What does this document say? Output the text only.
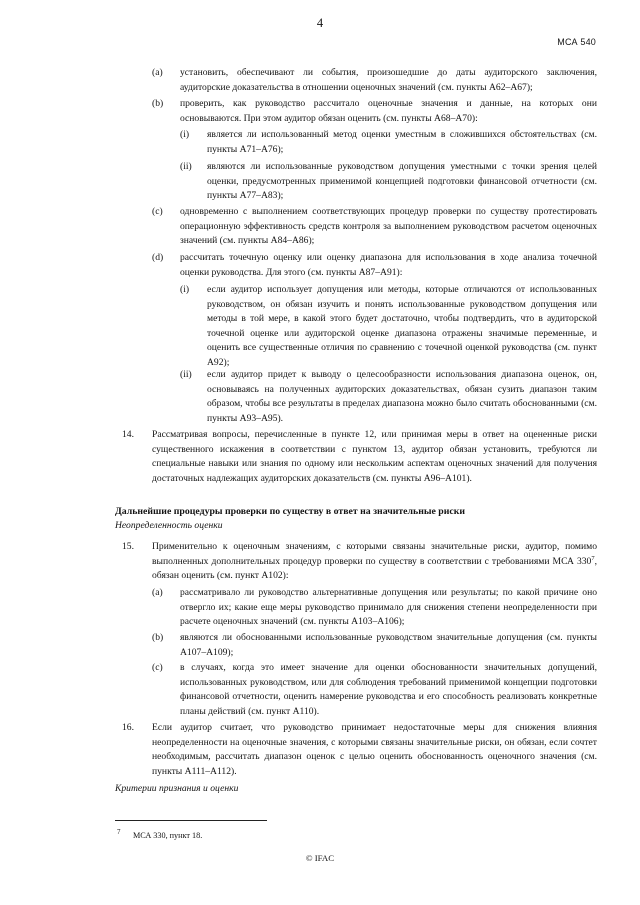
4
МСА 540
(a) установить, обеспечивают ли события, произошедшие до даты аудиторского заключения, аудиторские доказательства в отношении оценочных значений (см. пункты A62–A67);

(b) проверить, как руководство рассчитало оценочные значения и данные, на которых они основываются. При этом аудитор обязан оценить (см. пункты A68–A70):

(i) является ли использованный метод оценки уместным в сложившихся обстоятельствах (см. пункты A71–A76);

(ii) являются ли использованные руководством допущения уместными с точки зрения целей оценки, предусмотренных применимой концепцией подготовки финансовой отчетности (см. пункты A77–A83);

(c) одновременно с выполнением соответствующих процедур проверки по существу протестировать операционную эффективность средств контроля за выполнением руководством расчетом оценочных значений (см. пункты A84–A86);

(d) рассчитать точечную оценку или оценку диапазона для использования в ходе анализа точечной оценки руководства. Для этого (см. пункты A87–A91):

(i) если аудитор использует допущения или методы, которые отличаются от использованных руководством, он обязан изучить и понять использованные руководством допущения или методы в той мере, в какой этого будет достаточно, чтобы подтвердить, что в аудиторской точечной оценке или аудиторской оценке диапазона отражены значимые переменные, и оценить все существенные отличия по сравнению с точечной оценкой руководства (см. пункт A92);

(ii) если аудитор придет к выводу о целесообразности использования диапазона оценок, он, основываясь на полученных аудиторских доказательствах, обязан сузить диапазон таким образом, чтобы все результаты в пределах диапазона можно было считать обоснованными (см. пункты A93–A95).

14. Рассматривая вопросы, перечисленные в пункте 12, или принимая меры в ответ на оцененные риски существенного искажения в соответствии с пунктом 13, аудитор обязан установить, требуются ли специальные навыки или знания по одному или нескольким аспектам оценочных значений для получения достаточных надлежащих аудиторских доказательств (см. пункты A96–A101).

Дальнейшие процедуры проверки по существу в ответ на значительные риски
Неопределенность оценки
15. Применительно к оценочным значениям, с которыми связаны значительные риски, аудитор, помимо выполненных дополнительных процедур проверки по существу в соответствии с требованиями МСА $330^7$, обязан оценить (см. пункт A102):

(a) рассматривало ли руководство альтернативные допущения или результаты; по какой причине оно отвергло их; какие еще меры руководство принимало для снижения степени неопределенности при расчете оценочных значений (см. пункты A103–A106);

(b) являются ли обоснованными использованные руководством значительные допущения (см. пункты A107–A109);

(c) в случаях, когда это имеет значение для оценки обоснованности значительных допущений, использованных руководством, или для соблюдения требований применимой концепции подготовки финансовой отчетности, оценить намерение руководства и его способность реализовать конкретные планы действий (см. пункт A110).

16. Если аудитор считает, что руководство принимает недостаточные меры для снижения влияния неопределенности на оценочные значения, с которыми связаны значительные риски, он обязан, если сочтет необходимым, рассчитать диапазон оценок с целью оценить обоснованность оценочного значения (см. пункты A111–A112).

Критерии признания и оценки
7 МСА 330, пункт 18.
© IFAC
